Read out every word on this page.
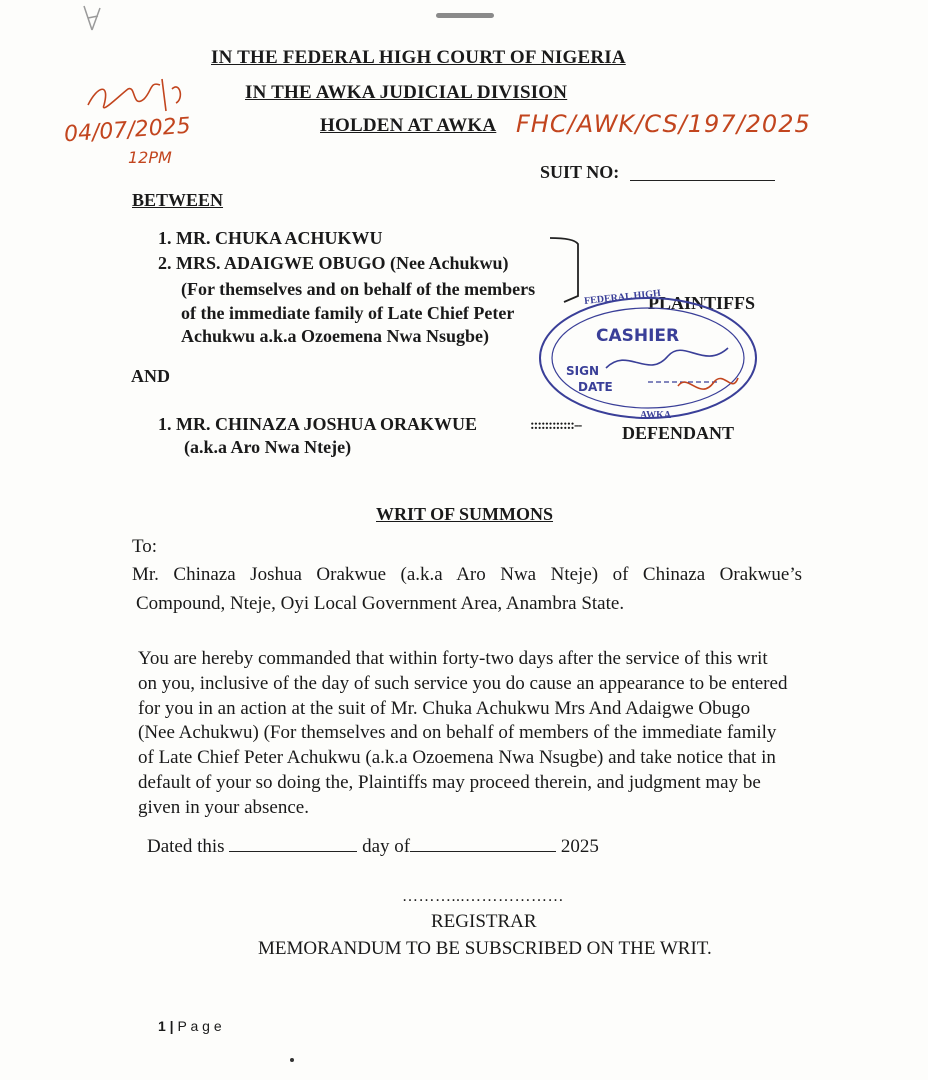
IN THE FEDERAL HIGH COURT OF NIGERIA
IN THE AWKA JUDICIAL DIVISION
HOLDEN AT AWKA FHC/AWK/CS/197/2025
04/07/2025
12PM
SUIT NO:
BETWEEN
1. MR. CHUKA ACHUKWU
2. MRS. ADAIGWE OBUGO (Nee Achukwu)
(For themselves and on behalf of the members
of the immediate family of Late Chief Peter
Achukwu a.k.a Ozoemena Nwa Nsugbe)
PLAINTIFFS
FEDERAL HIGH
CASHIER
SIGN
DATE
AWKA
AND
1. MR. CHINAZA JOSHUA ORAKWUE	::::::::::::-- DEFENDANT
(a.k.a Aro Nwa Nteje)
WRIT OF SUMMONS
To:
Mr. Chinaza Joshua Orakwue (a.k.a Aro Nwa Nteje) of Chinaza Orakwue’s
Compound, Nteje, Oyi Local Government Area, Anambra State.
You are hereby commanded that within forty-two days after the service of this writ
on you, inclusive of the day of such service you do cause an appearance to be entered
for you in an action at the suit of Mr. Chuka Achukwu Mrs And Adaigwe Obugo
(Nee Achukwu) (For themselves and on behalf of members of the immediate family
of Late Chief Peter Achukwu (a.k.a Ozoemena Nwa Nsugbe) and take notice that in
default of your so doing the, Plaintiffs may proceed therein, and judgment may be
given in your absence.
Dated this	day of	2025
………...………………
REGISTRAR
MEMORANDUM TO BE SUBSCRIBED ON THE WRIT.
1 | P a g e
